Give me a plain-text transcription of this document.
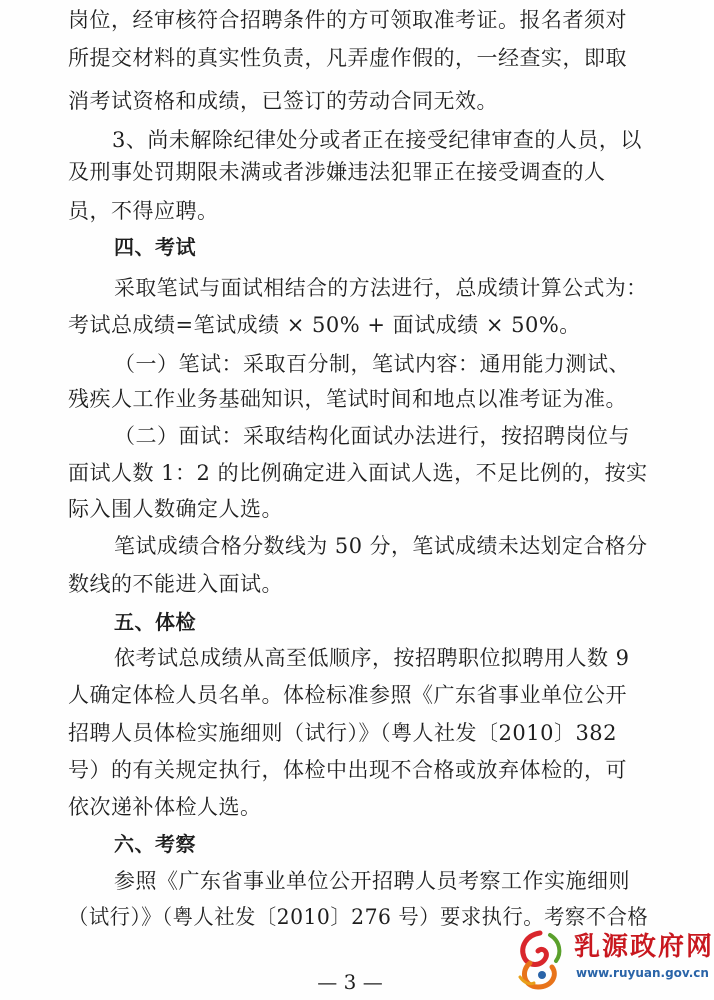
岗位，经审核符合招聘条件的方可领取准考证。报名者须对
所提交材料的真实性负责，凡弄虚作假的，一经查实，即取
消考试资格和成绩，已签订的劳动合同无效。
3、尚未解除纪律处分或者正在接受纪律审查的人员，以
及刑事处罚期限未满或者涉嫌违法犯罪正在接受调查的人
员，不得应聘。
四、考试
采取笔试与面试相结合的方法进行，总成绩计算公式为：
考试总成绩=笔试成绩 × 50% + 面试成绩 × 50%。
（一）笔试：采取百分制，笔试内容：通用能力测试、
残疾人工作业务基础知识，笔试时间和地点以准考证为准。
（二）面试：采取结构化面试办法进行，按招聘岗位与
面试人数 1：2 的比例确定进入面试人选，不足比例的，按实
际入围人数确定人选。
笔试成绩合格分数线为 50 分，笔试成绩未达划定合格分
数线的不能进入面试。
五、体检
依考试总成绩从高至低顺序，按招聘职位拟聘用人数 9
人确定体检人员名单。体检标准参照《广东省事业单位公开
招聘人员体检实施细则（试行）》（粤人社发〔2010〕382
号）的有关规定执行，体检中出现不合格或放弃体检的，可
依次递补体检人选。
六、考察
参照《广东省事业单位公开招聘人员考察工作实施细则
（试行）》（粤人社发〔2010〕276 号）要求执行。考察不合格
— 3 —
乳源政府网
www.ruyuan.gov.cn
